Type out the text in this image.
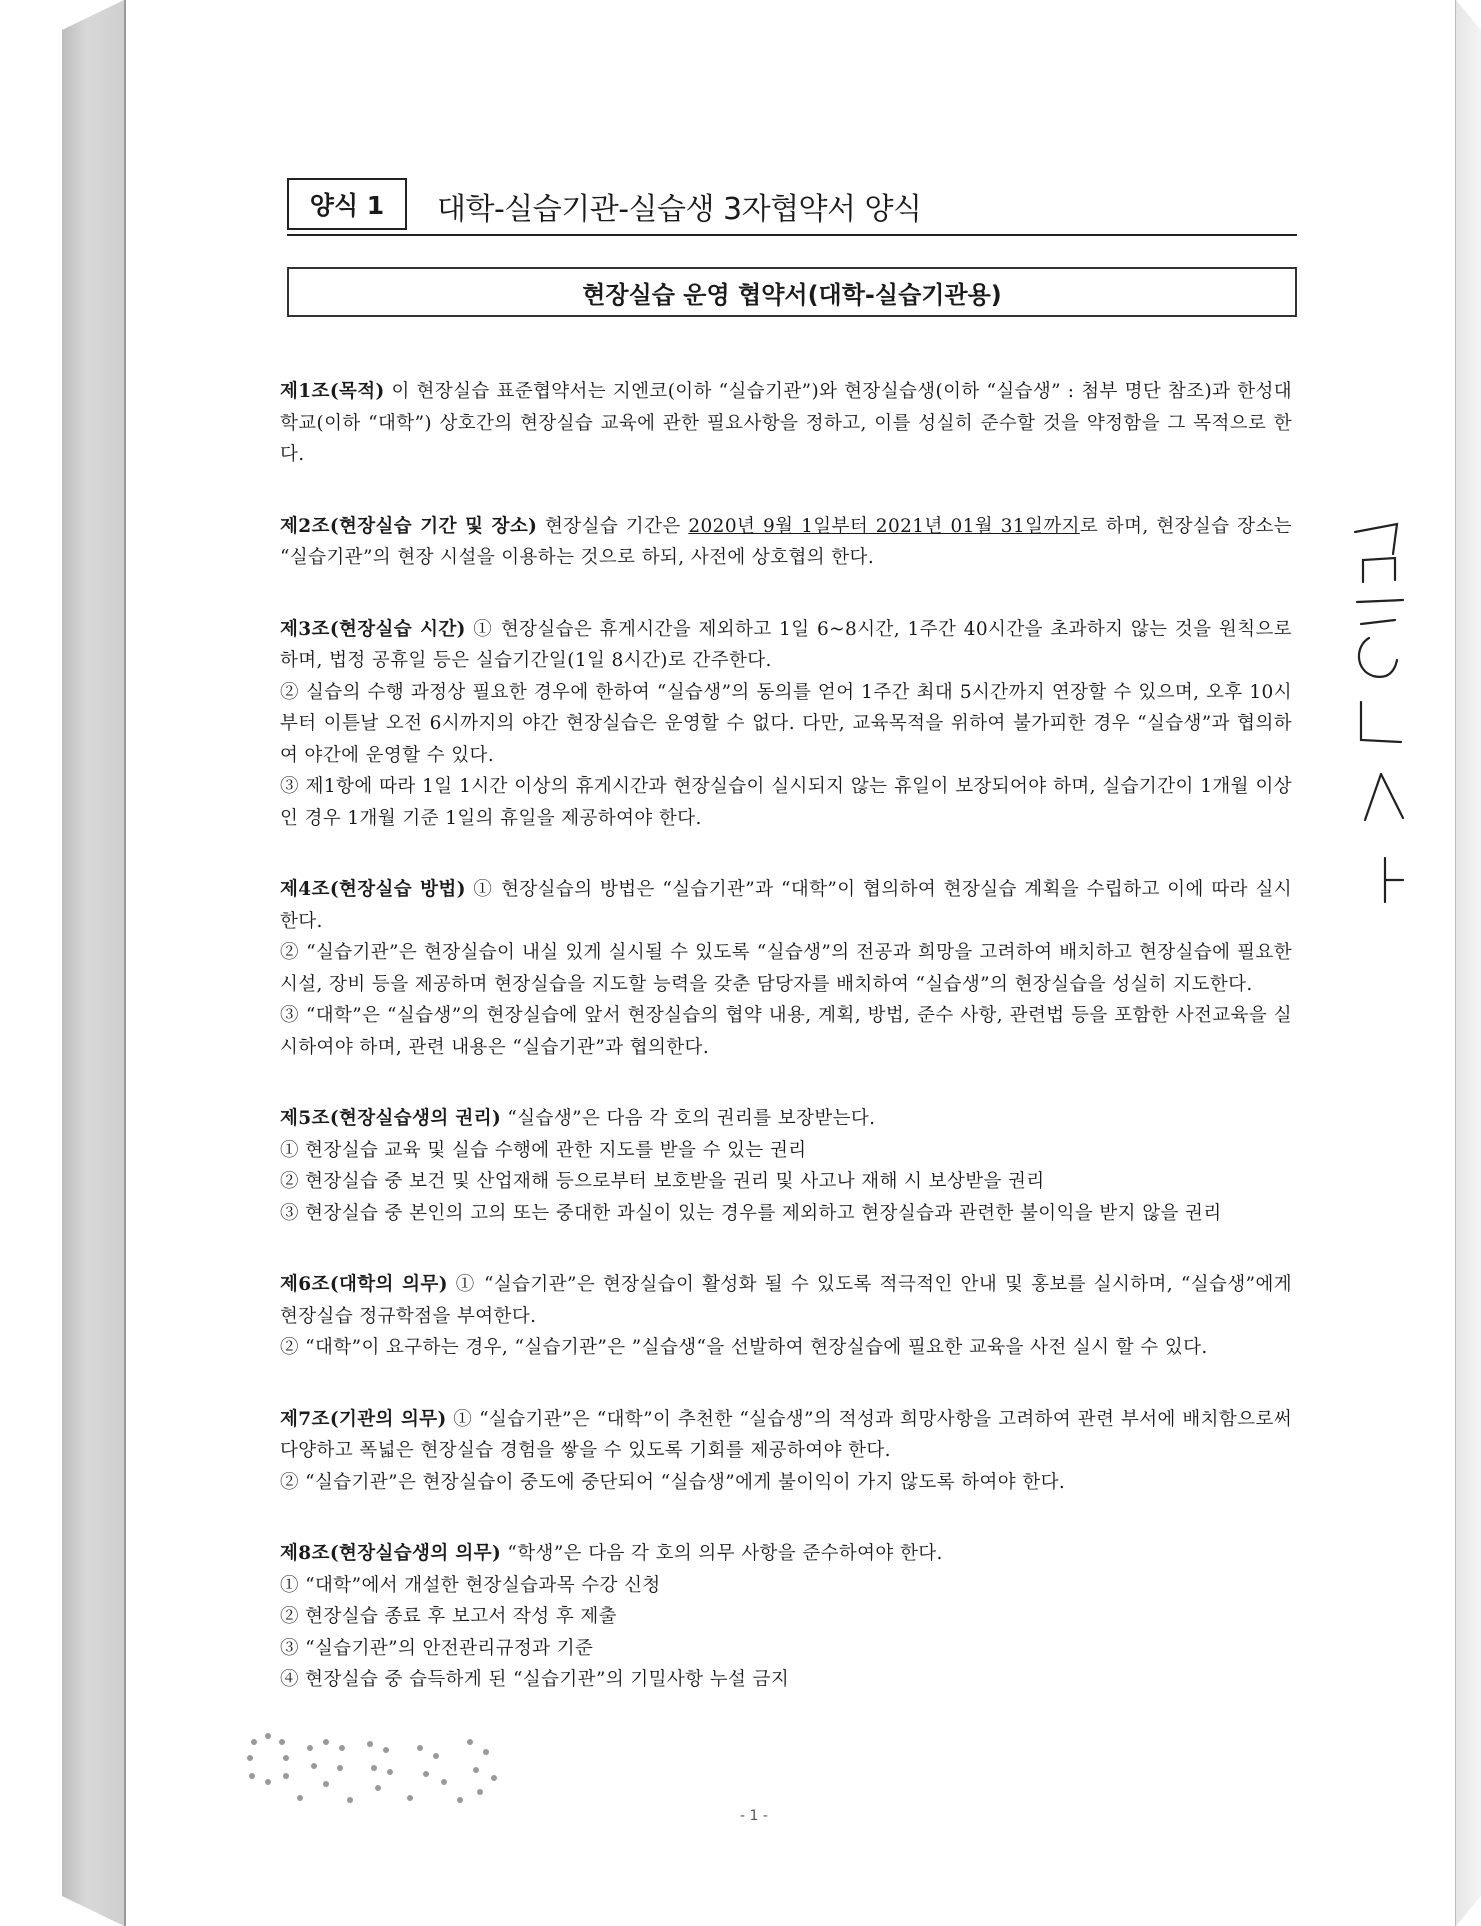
양식 1 대학-실습기관-실습생 3자협약서 양식
현장실습 운영 협약서(대학-실습기관용)
제1조(목적) 이 현장실습 표준협약서는 지엔코(이하 “실습기관”)와 현장실습생(이하 “실습생” : 첨부 명단 참조)과 한성대학교(이하 “대학”) 상호간의 현장실습 교육에 관한 필요사항을 정하고, 이를 성실히 준수할 것을 약정함을 그 목적으로 한다.
제2조(현장실습 기간 및 장소) 현장실습 기간은 2020년 9월 1일부터 2021년 01월 31일까지로 하며, 현장실습 장소는 “실습기관”의 현장 시설을 이용하는 것으로 하되, 사전에 상호협의 한다.
제3조(현장실습 시간) ① 현장실습은 휴게시간을 제외하고 1일 6~8시간, 1주간 40시간을 초과하지 않는 것을 원칙으로 하며, 법정 공휴일 등은 실습기간일(1일 8시간)로 간주한다.
② 실습의 수행 과정상 필요한 경우에 한하여 “실습생”의 동의를 얻어 1주간 최대 5시간까지 연장할 수 있으며, 오후 10시부터 이튿날 오전 6시까지의 야간 현장실습은 운영할 수 없다. 다만, 교육목적을 위하여 불가피한 경우 “실습생”과 협의하여 야간에 운영할 수 있다.
③ 제1항에 따라 1일 1시간 이상의 휴게시간과 현장실습이 실시되지 않는 휴일이 보장되어야 하며, 실습기간이 1개월 이상인 경우 1개월 기준 1일의 휴일을 제공하여야 한다.
제4조(현장실습 방법) ① 현장실습의 방법은 “실습기관”과 “대학”이 협의하여 현장실습 계획을 수립하고 이에 따라 실시한다.
② “실습기관”은 현장실습이 내실 있게 실시될 수 있도록 “실습생”의 전공과 희망을 고려하여 배치하고 현장실습에 필요한 시설, 장비 등을 제공하며 현장실습을 지도할 능력을 갖춘 담당자를 배치하여 “실습생”의 현장실습을 성실히 지도한다.
③ “대학”은 “실습생”의 현장실습에 앞서 현장실습의 협약 내용, 계획, 방법, 준수 사항, 관련법 등을 포함한 사전교육을 실시하여야 하며, 관련 내용은 “실습기관”과 협의한다.
제5조(현장실습생의 권리) “실습생”은 다음 각 호의 권리를 보장받는다.
① 현장실습 교육 및 실습 수행에 관한 지도를 받을 수 있는 권리
② 현장실습 중 보건 및 산업재해 등으로부터 보호받을 권리 및 사고나 재해 시 보상받을 권리
③ 현장실습 중 본인의 고의 또는 중대한 과실이 있는 경우를 제외하고 현장실습과 관련한 불이익을 받지 않을 권리
제6조(대학의 의무) ① “실습기관”은 현장실습이 활성화 될 수 있도록 적극적인 안내 및 홍보를 실시하며, “실습생”에게 현장실습 정규학점을 부여한다.
② “대학”이 요구하는 경우, “실습기관”은 ”실습생“을 선발하여 현장실습에 필요한 교육을 사전 실시 할 수 있다.
제7조(기관의 의무) ① “실습기관”은 “대학”이 추천한 “실습생”의 적성과 희망사항을 고려하여 관련 부서에 배치함으로써 다양하고 폭넓은 현장실습 경험을 쌓을 수 있도록 기회를 제공하여야 한다.
② “실습기관”은 현장실습이 중도에 중단되어 “실습생”에게 불이익이 가지 않도록 하여야 한다.
제8조(현장실습생의 의무) “학생”은 다음 각 호의 의무 사항을 준수하여야 한다.
① “대학”에서 개설한 현장실습과목 수강 신청
② 현장실습 종료 후 보고서 작성 후 제출
③ “실습기관”의 안전관리규정과 기준
④ 현장실습 중 습득하게 된 “실습기관”의 기밀사항 누설 금지
- 1 -
